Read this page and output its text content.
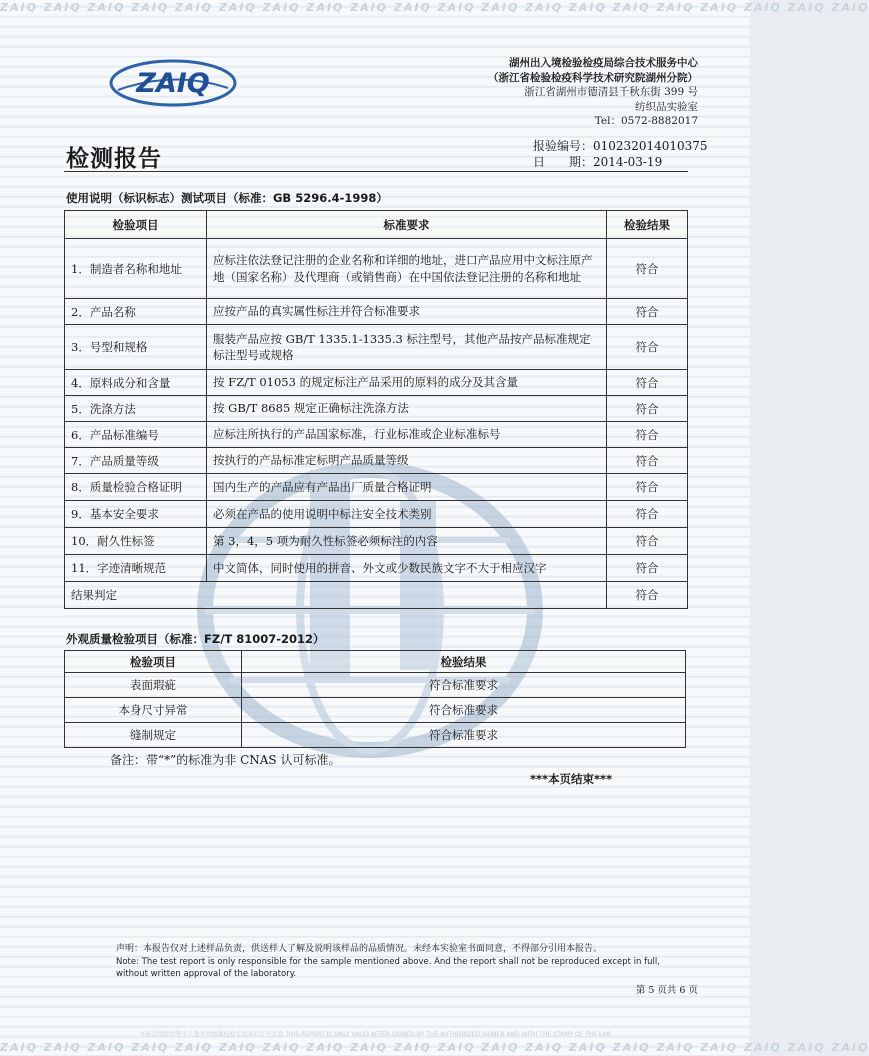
ZAIQ ZAIQ ZAIQ ZAIQ ZAIQ ZAIQ ZAIQ ZAIQ ZAIQ ZAIQ ZAIQ ZAIQ ZAIQ ZAIQ ZAIQ ZAIQ ZAIQ ZAIQ ZAIQ ZAIQ
ZAIQ
湖州出入境检验检疫局综合技术服务中心
（浙江省检验检疫科学技术研究院湖州分院）
浙江省湖州市德清县千秋东街 399 号
纺织品实验室
Tel：0572-8882017
检测报告	报验编号：010232014010375
日　　期：2014-03-19
使用说明（标识标志）测试项目（标准：GB 5296.4-1998）
检验项目	标准要求	检验结果
1．制造者名称和地址	应标注依法登记注册的企业名称和详细的地址，进口产品应用中文标注原产地（国家名称）及代理商（或销售商）在中国依法登记注册的名称和地址	符合
2．产品名称	应按产品的真实属性标注并符合标准要求	符合
3．号型和规格	服装产品应按 GB/T 1335.1-1335.3 标注型号，其他产品按产品标准规定标注型号或规格	符合
4．原料成分和含量	按 FZ/T 01053 的规定标注产品采用的原料的成分及其含量	符合
5．洗涤方法	按 GB/T 8685 规定正确标注洗涤方法	符合
6．产品标准编号	应标注所执行的产品国家标准，行业标准或企业标准标号	符合
7．产品质量等级	按执行的产品标准定标明产品质量等级	符合
8．质量检验合格证明	国内生产的产品应有产品出厂质量合格证明	符合
9．基本安全要求	必须在产品的使用说明中标注安全技术类别	符合
10．耐久性标签	第 3，4，5 项为耐久性标签必须标注的内容	符合
11．字迹清晰规范	中文简体，同时使用的拼音、外文或少数民族文字不大于相应汉字	符合
结果判定		符合
外观质量检验项目（标准：FZ/T 81007-2012）
检验项目	检验结果
表面瑕疵	符合标准要求
本身尺寸异常	符合标准要求
缝制规定	符合标准要求
备注：带“*”的标准为非 CNAS 认可标准。
***本页结束***
声明：本报告仅对上述样品负责，供送样人了解及说明该样品的品质情况。未经本实验室书面同意，不得部分引用本报告。
Note: The test report is only responsible for the sample mentioned above. And the report shall not be reproduced except in full,
without written approval of the laboratory.
第 5 页共 6 页
本报告经授权签字人签字并加盖检验专用章后方可生效 THIS REPORT IS ONLY VALID AFTER SIGNED BY THE AUTHORIZED SIGNER AND WITH THE STAMP OF THE LAB
ZAIQ ZAIQ ZAIQ ZAIQ ZAIQ ZAIQ ZAIQ ZAIQ ZAIQ ZAIQ ZAIQ ZAIQ ZAIQ ZAIQ ZAIQ ZAIQ ZAIQ ZAIQ ZAIQ ZAIQ
